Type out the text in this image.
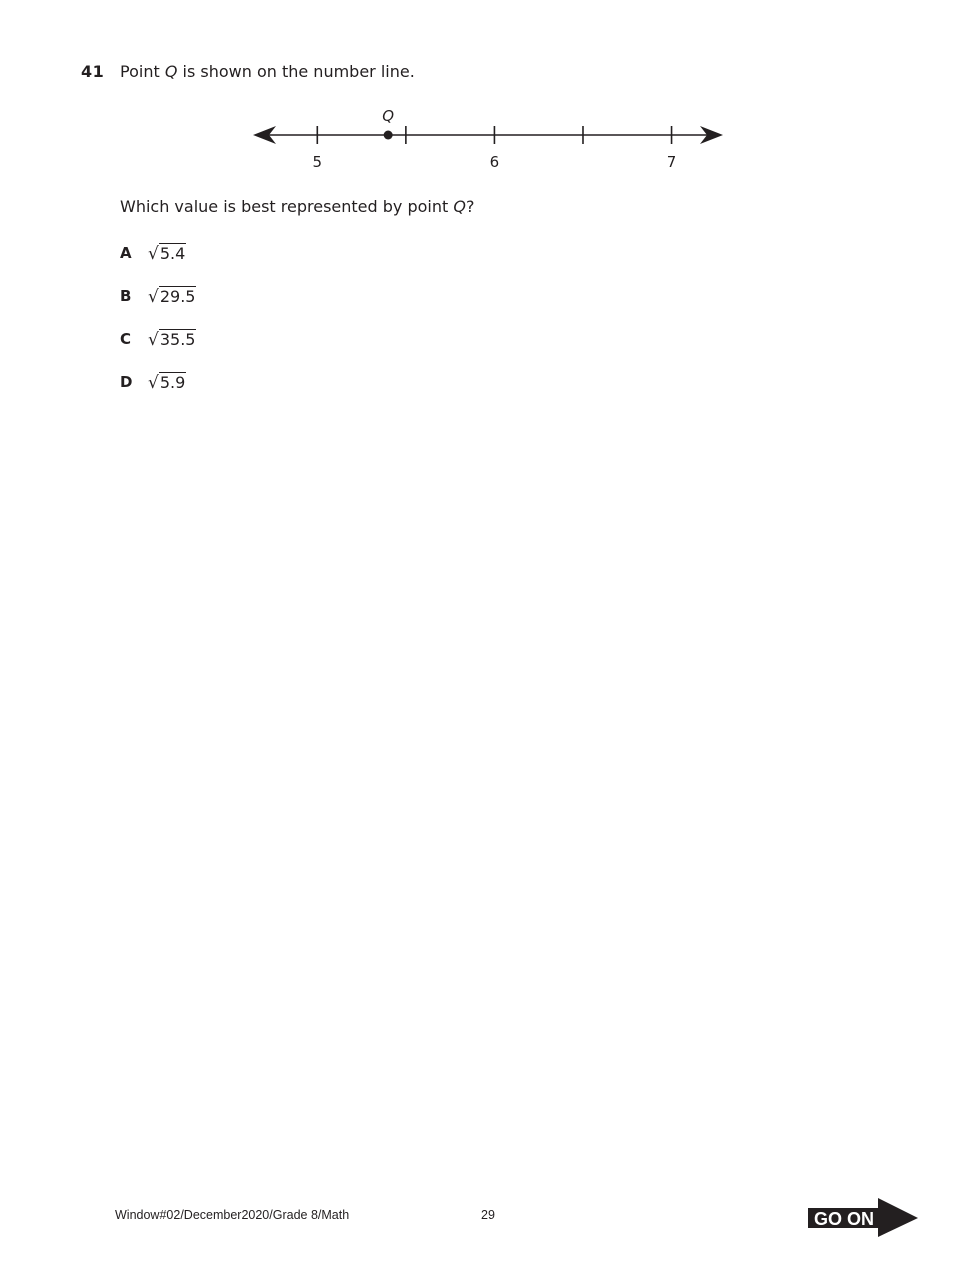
41 Point Q is shown on the number line.
5	6	7
Q
Which value is best represented by point Q?
A √ 5.4
B √ 29.5
C √ 35.5
D √ 5.9
Window#02/December2020/Grade 8/Math	29	GO ON
